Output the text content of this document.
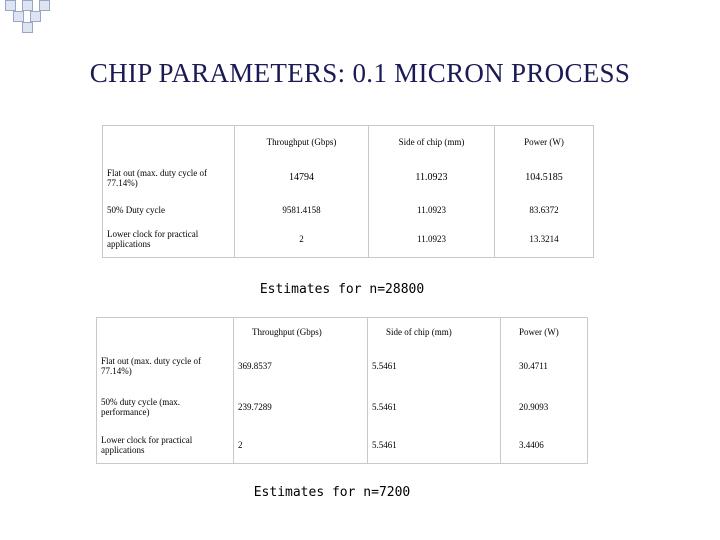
CHIP PARAMETERS: 0.1 MICRON PROCESS
	Throughput (Gbps)	Side of chip (mm)	Power (W)
Flat out (max. duty cycle of 77.14%)	14794	11.0923	104.5185
50% Duty cycle	9581.4158	11.0923	83.6372
Lower clock for practical applications	2	11.0923	13.3214
Estimates for n=28800
	Throughput (Gbps)	Side of chip (mm)	Power (W)
Flat out (max. duty cycle of 77.14%)	369.8537	5.5461	30.4711
50% duty cycle (max. performance)	239.7289	5.5461	20.9093
Lower clock for practical applications	2	5.5461	3.4406
Estimates for n=7200
